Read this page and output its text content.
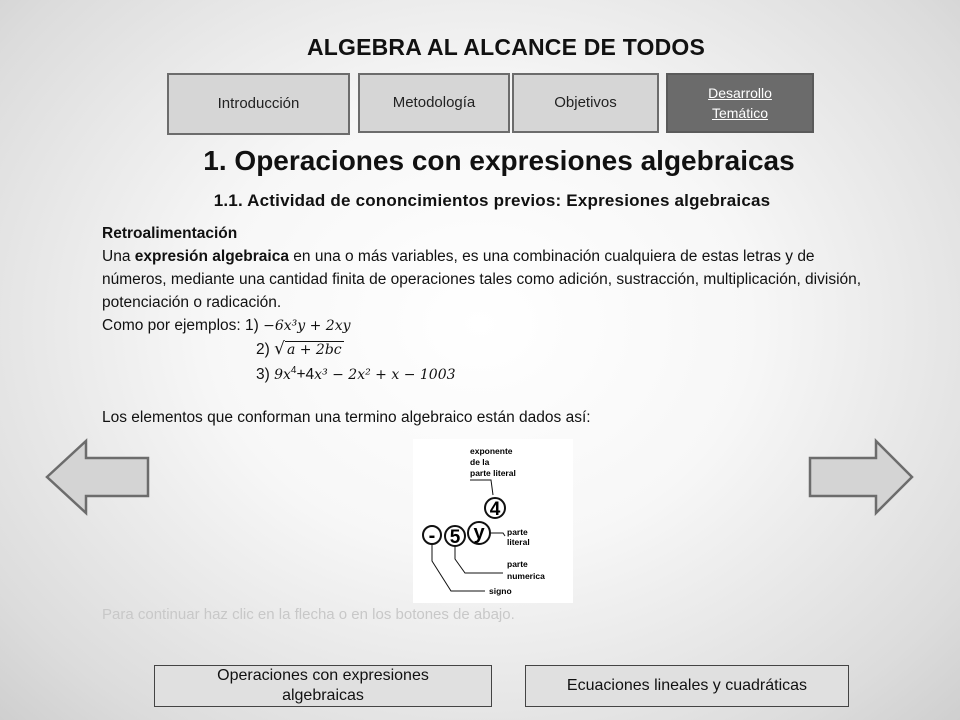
ALGEBRA AL ALCANCE DE TODOS
Introducción	Metodología	Objetivos
Desarrollo Temático
1. Operaciones con expresiones algebraicas
1.1. Actividad de cononcimientos previos: Expresiones algebraicas
Retroalimentación
Una expresión algebraica en una o más variables, es una combinación cualquiera de estas letras y de números, mediante una cantidad finita de operaciones tales como adición, sustracción, multiplicación, división, potenciación o radicación.
Como por ejemplos: 1) −6x³y + 2xy
2) √ a + 2bc
3) $9x^4+4x^3 - 2x^2 + x - 1003$
Los elementos que conforman una termino algebraico están dados así:
exponente
de la
parte literal
4
- 5 y	parte
literal
parte
numerica
signo
Para continuar haz clic en la flecha o en los botones de abajo.
Operaciones con expresiones algebraicas
Ecuaciones lineales y cuadráticas
